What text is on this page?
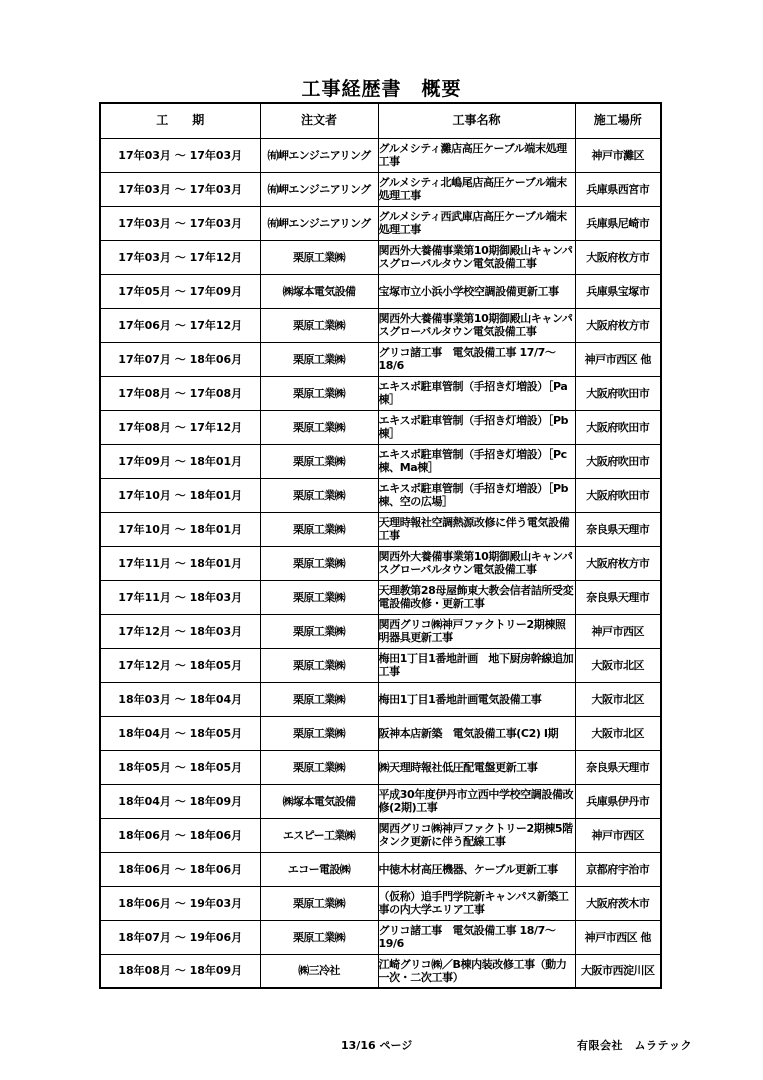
工事経歴書　概要
工　　期	注文者	工事名称	施工場所
17年03月 ～ 17年03月	㈲岬エンジニアリング	グルメシティ灘店高圧ケーブル端末処理工事	神戸市灘区
17年03月 ～ 17年03月	㈲岬エンジニアリング	グルメシティ北嶋尾店高圧ケーブル端末処理工事	兵庫県西宮市
17年03月 ～ 17年03月	㈲岬エンジニアリング	グルメシティ西武庫店高圧ケーブル端末処理工事	兵庫県尼崎市
17年03月 ～ 17年12月	栗原工業㈱	関西外大養備事業第10期御殿山キャンパスグローバルタウン電気設備工事	大阪府枚方市
17年05月 ～ 17年09月	㈱塚本電気設備	宝塚市立小浜小学校空調設備更新工事	兵庫県宝塚市
17年06月 ～ 17年12月	栗原工業㈱	関西外大養備事業第10期御殿山キャンパスグローバルタウン電気設備工事	大阪府枚方市
17年07月 ～ 18年06月	栗原工業㈱	グリコ諸工事　電気設備工事 17/7～18/6	神戸市西区 他
17年08月 ～ 17年08月	栗原工業㈱	エキスポ駐車管制（手招き灯増設）［Pa棟］	大阪府吹田市
17年08月 ～ 17年12月	栗原工業㈱	エキスポ駐車管制（手招き灯増設）［Pb棟］	大阪府吹田市
17年09月 ～ 18年01月	栗原工業㈱	エキスポ駐車管制（手招き灯増設）［Pc棟、Ma棟］	大阪府吹田市
17年10月 ～ 18年01月	栗原工業㈱	エキスポ駐車管制（手招き灯増設）［Pb棟、空の広場］	大阪府吹田市
17年10月 ～ 18年01月	栗原工業㈱	天理時報社空調熱源改修に伴う電気設備工事	奈良県天理市
17年11月 ～ 18年01月	栗原工業㈱	関西外大養備事業第10期御殿山キャンパスグローバルタウン電気設備工事	大阪府枚方市
17年11月 ～ 18年03月	栗原工業㈱	天理教第28母屋飾東大教会信者詰所受変電設備改修・更新工事	奈良県天理市
17年12月 ～ 18年03月	栗原工業㈱	関西グリコ㈱神戸ファクトリー2期棟照明器具更新工事	神戸市西区
17年12月 ～ 18年05月	栗原工業㈱	梅田1丁目1番地計画　地下厨房幹線追加工事	大阪市北区
18年03月 ～ 18年04月	栗原工業㈱	梅田1丁目1番地計画電気設備工事	大阪市北区
18年04月 ～ 18年05月	栗原工業㈱	阪神本店新築　電気設備工事(C2) Ⅰ期	大阪市北区
18年05月 ～ 18年05月	栗原工業㈱	㈱天理時報社低圧配電盤更新工事	奈良県天理市
18年04月 ～ 18年09月	㈱塚本電気設備	平成30年度伊丹市立西中学校空調設備改修(2期)工事	兵庫県伊丹市
18年06月 ～ 18年06月	エスピー工業㈱	関西グリコ㈱神戸ファクトリー2期棟5階タンク更新に伴う配線工事	神戸市西区
18年06月 ～ 18年06月	エコー電設㈱	中徳木材高圧機器、ケーブル更新工事	京都府宇治市
18年06月 ～ 19年03月	栗原工業㈱	（仮称）追手門学院新キャンパス新築工事の内大学エリア工事	大阪府茨木市
18年07月 ～ 19年06月	栗原工業㈱	グリコ諸工事　電気設備工事 18/7～19/6	神戸市西区 他
18年08月 ～ 18年09月	㈱三冷社	江崎グリコ㈱／B棟内装改修工事（動力一次・二次工事）	大阪市西淀川区
13/16 ページ	有限会社　ムラテック
